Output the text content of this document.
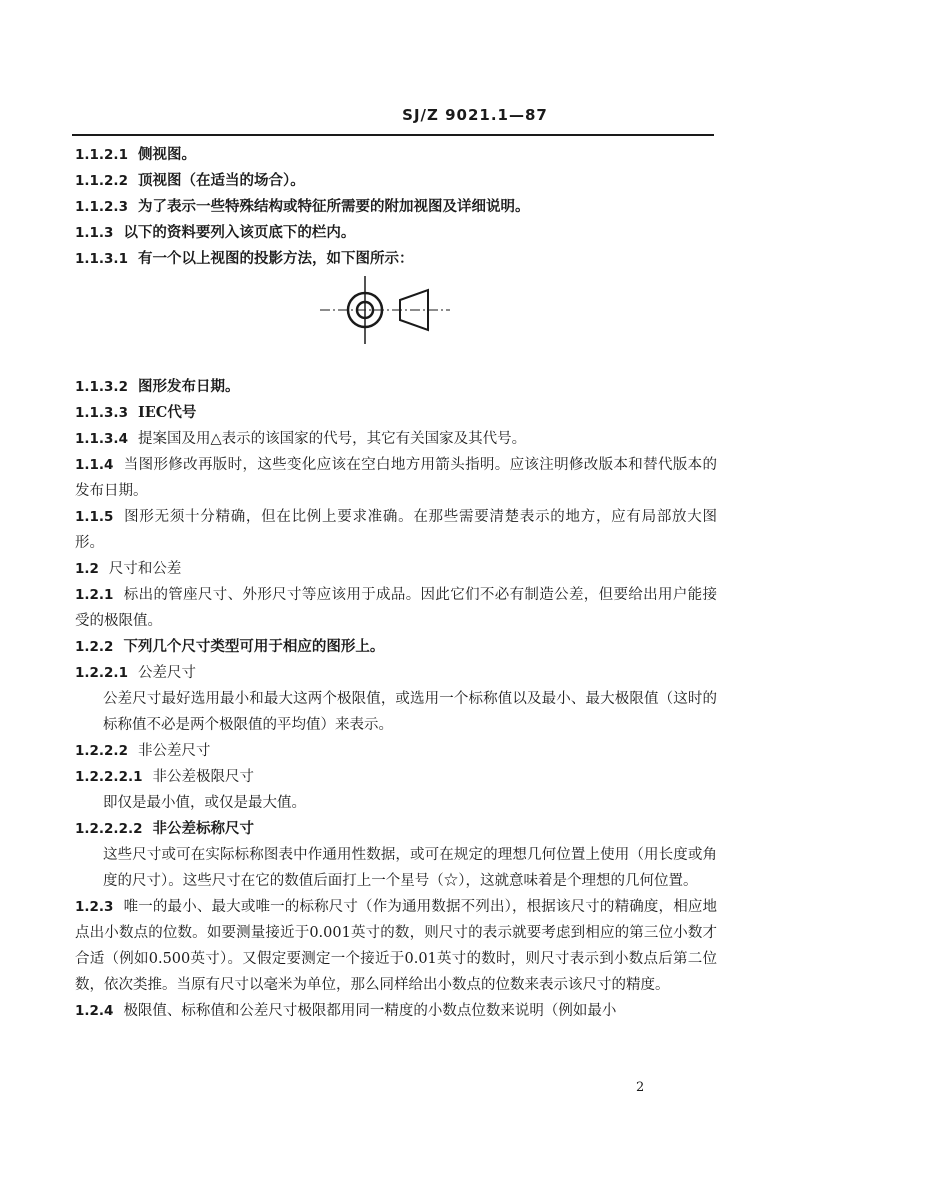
SJ/Z 9021.1—87

1.1.2.1 侧视图。

1.1.2.2 顶视图（在适当的场合）。

1.1.2.3 为了表示一些特殊结构或特征所需要的附加视图及详细说明。

1.1.3 以下的资料要列入该页底下的栏内。

1.1.3.1 有一个以上视图的投影方法，如下图所示：

1.1.3.2 图形发布日期。

1.1.3.3 IEC代号

1.1.3.4 提案国及用△表示的该国家的代号，其它有关国家及其代号。

1.1.4 当图形修改再版时，这些变化应该在空白地方用箭头指明。应该注明修改版本和替代版本的发布日期。

1.1.5 图形无须十分精确，但在比例上要求准确。在那些需要清楚表示的地方，应有局部放大图形。

1.2 尺寸和公差

1.2.1 标出的管座尺寸、外形尺寸等应该用于成品。因此它们不必有制造公差，但要给出用户能接受的极限值。

1.2.2 下列几个尺寸类型可用于相应的图形上。

1.2.2.1 公差尺寸

公差尺寸最好选用最小和最大这两个极限值，或选用一个标称值以及最小、最大极限值（这时的标称值不必是两个极限值的平均值）来表示。

1.2.2.2 非公差尺寸

1.2.2.2.1 非公差极限尺寸

即仅是最小值，或仅是最大值。

1.2.2.2.2 非公差标称尺寸

这些尺寸或可在实际标称图表中作通用性数据，或可在规定的理想几何位置上使用（用长度或角度的尺寸）。这些尺寸在它的数值后面打上一个星号（☆），这就意味着是个理想的几何位置。

1.2.3 唯一的最小、最大或唯一的标称尺寸（作为通用数据不列出），根据该尺寸的精确度，相应地点出小数点的位数。如要测量接近于0.001英寸的数，则尺寸的表示就要考虑到相应的第三位小数才合适（例如0.500英寸）。又假定要测定一个接近于0.01英寸的数时，则尺寸表示到小数点后第二位数，依次类推。当原有尺寸以毫米为单位，那么同样给出小数点的位数来表示该尺寸的精度。

1.2.4 极限值、标称值和公差尺寸极限都用同一精度的小数点位数来说明（例如最小

2
